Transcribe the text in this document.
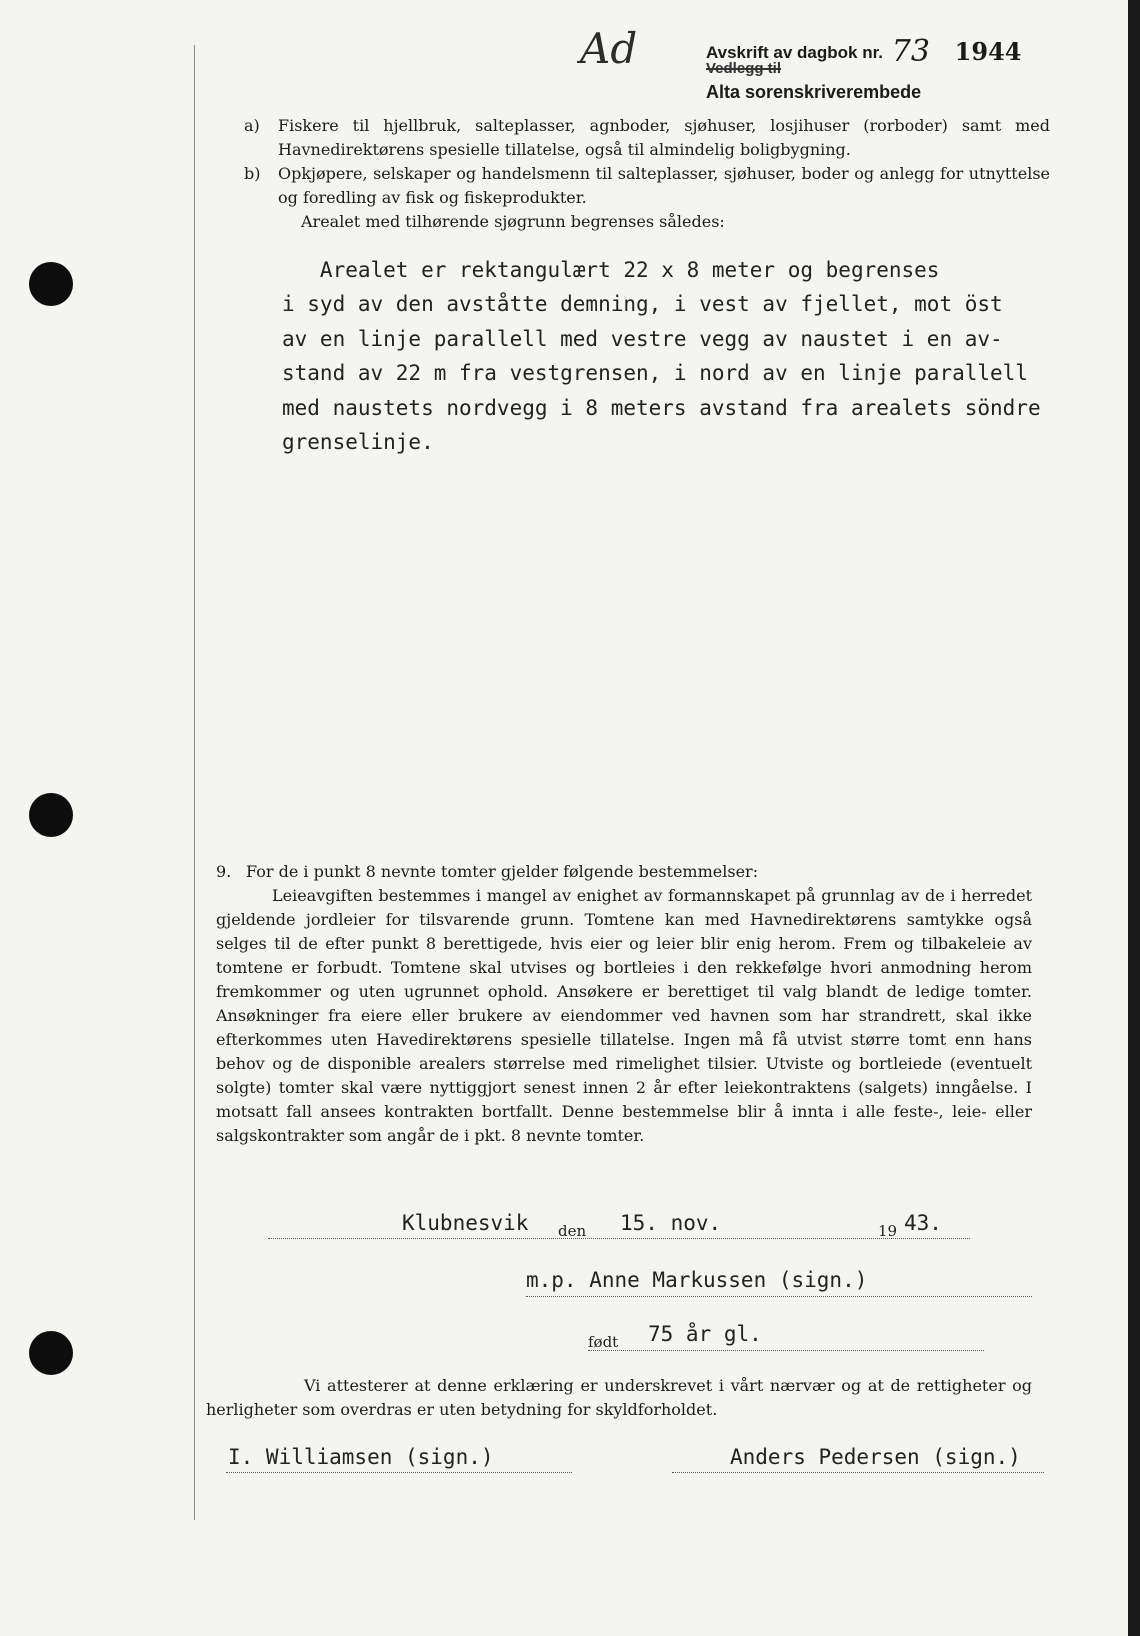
Ad	Avskrift av dagbok nr. 73 1944
Vedlegg til
Alta sorenskriverembede
a) Fiskere til hjellbruk, salteplasser, agnboder, sjøhuser, losjihuser (rorboder) samt med Havnedirektørens spesielle tillatelse, også til almindelig boligbygning.
b) Opkjøpere, selskaper og handelsmenn til salteplasser, sjøhuser, boder og anlegg for utnyttelse og foredling av fisk og fiskeprodukter.
Arealet med tilhørende sjøgrunn begrenses således:
Arealet er rektangulært 22 x 8 meter og begrenses
i syd av den avståtte demning, i vest av fjellet, mot öst
av en linje parallell med vestre vegg av naustet i en av-
stand av 22 m fra vestgrensen, i nord av en linje parallell
med naustets nordvegg i 8 meters avstand fra arealets söndre
grenselinje.
9. For de i punkt 8 nevnte tomter gjelder følgende bestemmelser:
Leieavgiften bestemmes i mangel av enighet av formannskapet på grunnlag av de i herredet gjeldende jordleier for tilsvarende grunn. Tomtene kan med Havnedirektørens samtykke også selges til de efter punkt 8 berettigede, hvis eier og leier blir enig herom. Frem og tilbakeleie av tomtene er forbudt. Tomtene skal utvises og bortleies i den rekkefølge hvori anmodning herom fremkommer og uten ugrunnet ophold. Ansøkere er berettiget til valg blandt de ledige tomter. Ansøkninger fra eiere eller brukere av eiendommer ved havnen som har strandrett, skal ikke efterkommes uten Havedirektørens spesielle tillatelse. Ingen må få utvist større tomt enn hans behov og de disponible arealers størrelse med rimelighet tilsier. Utviste og bortleiede (eventuelt solgte) tomter skal være nyttiggjort senest innen 2 år efter leiekontraktens (salgets) inngåelse. I motsatt fall ansees kontrakten bortfallt. Denne bestemmelse blir å innta i alle feste-, leie- eller salgskontrakter som angår de i pkt. 8 nevnte tomter.
Klubnesvik den 15. nov.	19 43.
m.p. Anne Markussen (sign.)
født 75 år gl.
Vi attesterer at denne erklæring er underskrevet i vårt nærvær og at de rettigheter og herligheter som overdras er uten betydning for skyldforholdet.
I. Williamsen (sign.)	Anders Pedersen (sign.)
